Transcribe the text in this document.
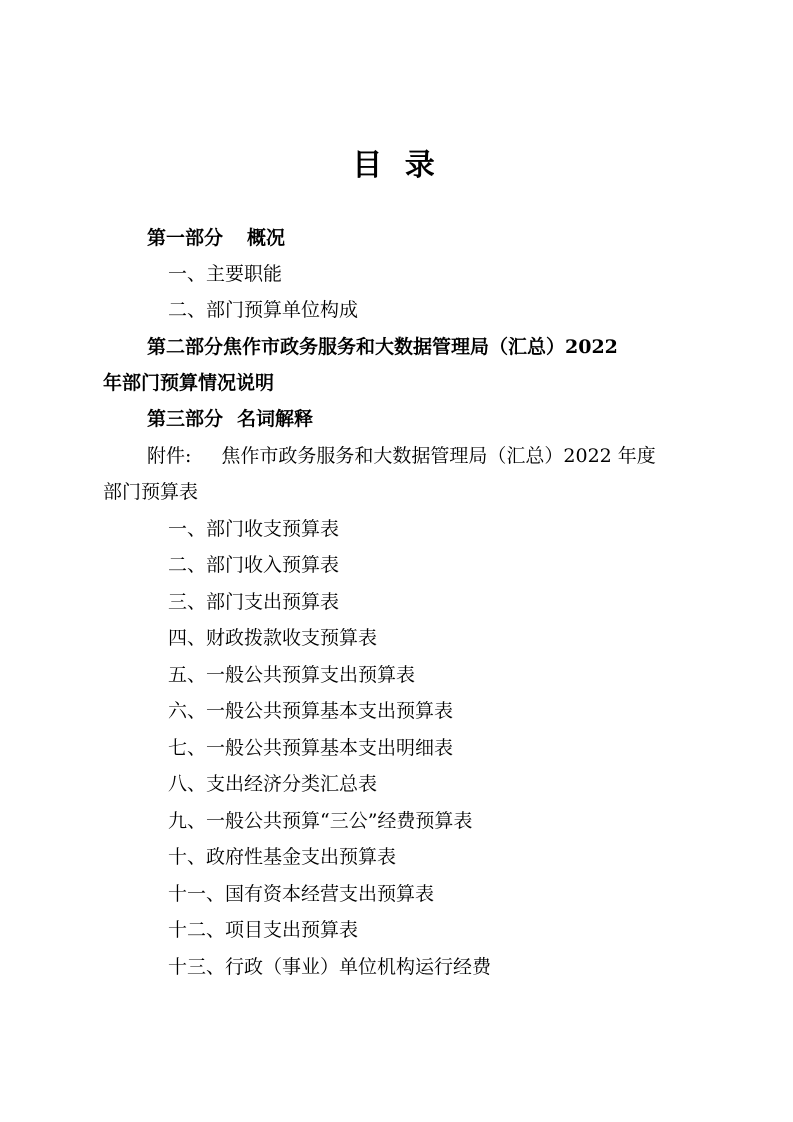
目 录
第一部分 概况
一、主要职能
二、部门预算单位构成
第二部分焦作市政务服务和大数据管理局（汇总）2022
年部门预算情况说明
第三部分 名词解释
附件: 焦作市政务服务和大数据管理局（汇总）2022 年度
部门预算表
一、部门收支预算表
二、部门收入预算表
三、部门支出预算表
四、财政拨款收支预算表
五、一般公共预算支出预算表
六、一般公共预算基本支出预算表
七、一般公共预算基本支出明细表
八、支出经济分类汇总表
九、一般公共预算“三公”经费预算表
十、政府性基金支出预算表
十一、国有资本经营支出预算表
十二、项目支出预算表
十三、行政（事业）单位机构运行经费
